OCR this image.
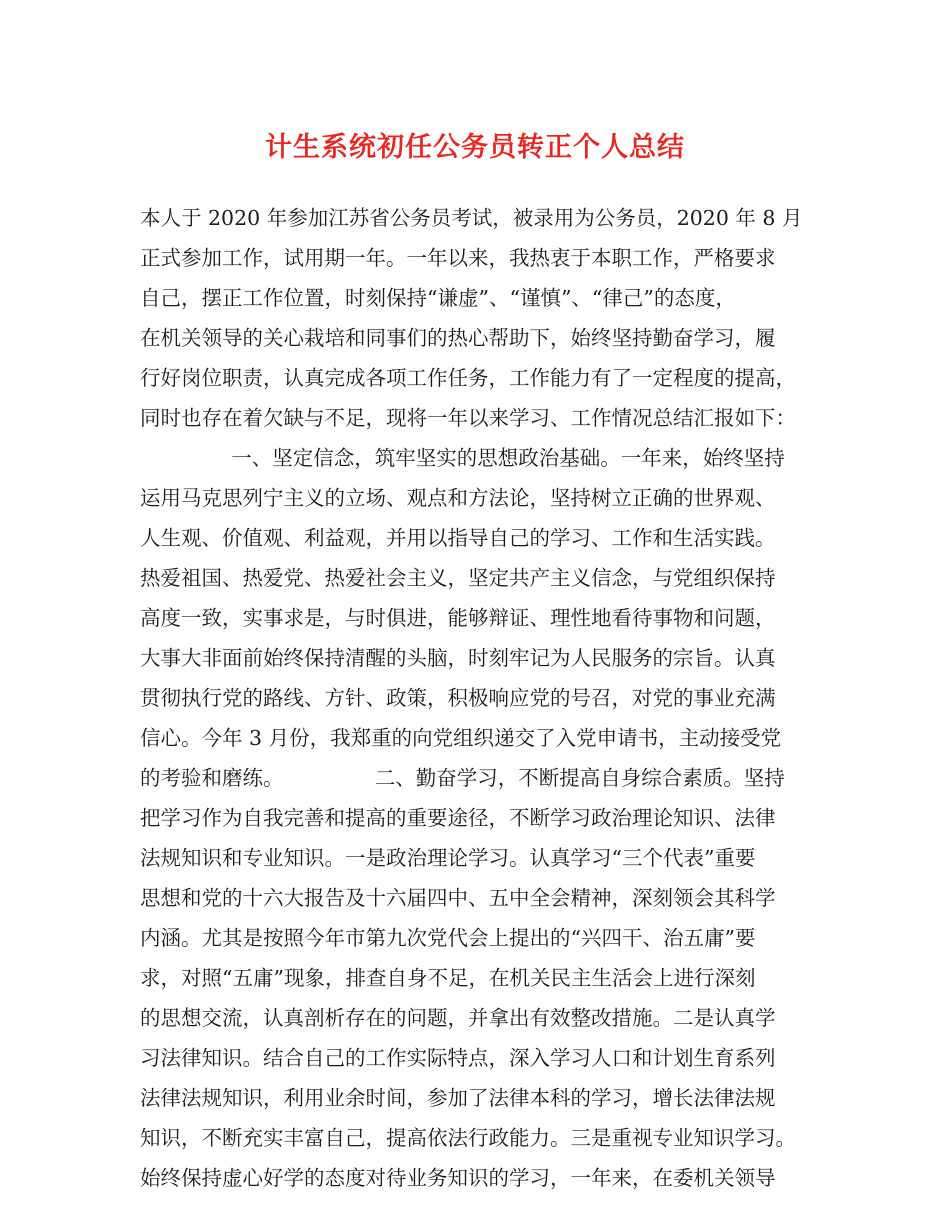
计生系统初任公务员转正个人总结
本人于 2020 年参加江苏省公务员考试，被录用为公务员，2020 年 8 月
正式参加工作，试用期一年。一年以来，我热衷于本职工作，严格要求
自己，摆正工作位置，时刻保持“谦虚”、“谨慎”、“律己”的态度，
在机关领导的关心栽培和同事们的热心帮助下，始终坚持勤奋学习，履
行好岗位职责，认真完成各项工作任务，工作能力有了一定程度的提高，
同时也存在着欠缺与不足，现将一年以来学习、工作情况总结汇报如下：
一、坚定信念，筑牢坚实的思想政治基础。一年来，始终坚持
运用马克思列宁主义的立场、观点和方法论，坚持树立正确的世界观、
人生观、价值观、利益观，并用以指导自己的学习、工作和生活实践。
热爱祖国、热爱党、热爱社会主义，坚定共产主义信念，与党组织保持
高度一致，实事求是，与时俱进，能够辩证、理性地看待事物和问题，
大事大非面前始终保持清醒的头脑，时刻牢记为人民服务的宗旨。认真
贯彻执行党的路线、方针、政策，积极响应党的号召，对党的事业充满
信心。今年 3 月份，我郑重的向党组织递交了入党申请书，主动接受党
的考验和磨练。              二、勤奋学习，不断提高自身综合素质。坚持
把学习作为自我完善和提高的重要途径，不断学习政治理论知识、法律
法规知识和专业知识。一是政治理论学习。认真学习“三个代表”重要
思想和党的十六大报告及十六届四中、五中全会精神，深刻领会其科学
内涵。尤其是按照今年市第九次党代会上提出的“兴四干、治五庸”要
求，对照“五庸”现象，排查自身不足，在机关民主生活会上进行深刻
的思想交流，认真剖析存在的问题，并拿出有效整改措施。二是认真学
习法律知识。结合自己的工作实际特点，深入学习人口和计划生育系列
法律法规知识，利用业余时间，参加了法律本科的学习，增长法律法规
知识，不断充实丰富自己，提高依法行政能力。三是重视专业知识学习。
始终保持虚心好学的态度对待业务知识的学习，一年来，在委机关领导
